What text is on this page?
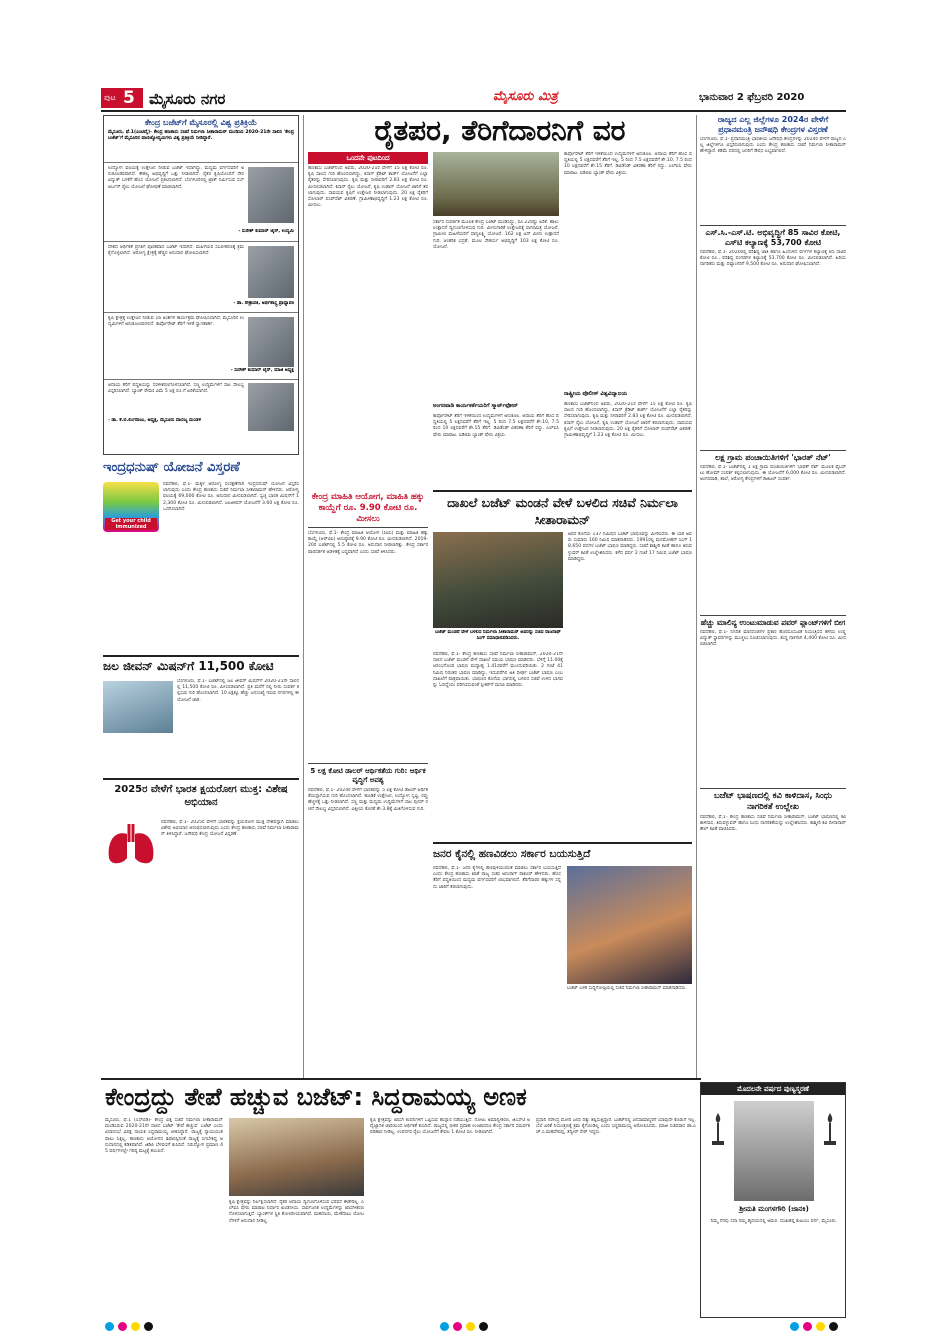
ಪುಟ 5 ಮೈಸೂರು ನಗರ	ಮೈಸೂರು ಮಿತ್ರ	ಭಾನುವಾರ 2 ಫೆಬ್ರವರಿ 2020
ಕೇಂದ್ರ ಬಜೆಟ್‌ಗೆ ಮೈಸೂರಲ್ಲಿ ವಿಶ್ವ ಪ್ರತಿಕ್ರಿಯೆ
ಮೈಸೂರು, ಫೆ.1(ಎಂಟಿವೈ)- ಕೇಂದ್ರ ಹಣಕಾಸು ಸಚಿವೆ ನಿರ್ಮಲಾ ಸೀತಾರಾಮನ್ ಮಂಡಿಸಿದ 2020-21ನೇ ಸಾಲಿನ 'ಕೇಂದ್ರ ಬಜೆಟ್'ಗೆ ಮೈಸೂರಿನ ವಾಣಿಜ್ಯೋದ್ಯಮಿಗಳು ವಿಶ್ವ ಪ್ರತಿಕ್ರಿಯೆ ನೀಡಿದ್ದಾರೆ.
ಉದ್ಯೋಗ ವಲಯಕ್ಕೆ ಉತ್ತೇಜನ ನೀಡುವ ಬಜೆಟ್ ಇದಾಗಿದ್ದು, ಮಧ್ಯಮ ವರ್ಗದವರಿಗೆ ಅನುಕೂಲಕರವಾಗಿದೆ. ಕೌಶಲ್ಯ ಅಭಿವೃದ್ಧಿಗೆ ಒತ್ತು ನೀಡಲಾಗಿದೆ. ರೈತರ ಕೃಷಿಯೊಂದಿಗೆ ಸೌರವಿದ್ಯುತ್ ಬಳಕೆಗೆ ಹೊಸ ಯೋಜನೆ ಪ್ರಕಟಿಸಲಾಗಿದೆ. ಬೆಂಗಳೂರಿನಲ್ಲಿ ಟ್ರಾಕ್ ನಿರ್ಮಿಸುವ ಸಬ್ ಅರ್ಬನ್ ರೈಲು ಯೋಜನೆ ಘೋಷಣೆ ಮಾಡಲಾಗಿದೆ.
- ಸುರೇಶ್ ಕುಮಾರ್ ಜೈನ್, ಉದ್ಯಮಿ
ದೇಶದ ಆರ್ಥಿಕತೆ ಪ್ರಗತಿಗೆ ಪೂರಕವಾದ ಬಜೆಟ್ ಇದಾಗಿದೆ. ಮಹಿಳೆಯರ ಸಬಲೀಕರಣಕ್ಕೆ ಕ್ರಮ ಕೈಗೊಳ್ಳಲಾಗಿದೆ. ಆರೋಗ್ಯ ಕ್ಷೇತ್ರಕ್ಕೆ ಹೆಚ್ಚಿನ ಅನುದಾನ ಘೋಷಿಸಲಾಗಿದೆ.
- ಡಾ. ನೇತ್ರಾವತಿ, ಅರ್ಥಶಾಸ್ತ್ರ ಪ್ರಾಧ್ಯಾಪಕಿ
ಕೃಷಿ ಕ್ಷೇತ್ರಕ್ಕೆ ಉತ್ತೇಜನ ನೀಡುವ 16 ಅಂಶಗಳ ಕಾರ್ಯಕ್ರಮ ಘೋಷಿಸಲಾಗಿದೆ. ಮೈಸೂರಿನ ಉದ್ಯಮಿಗಳಿಗೆ ಅನುಕೂಲವಾಗಲಿದೆ. ಕಾರ್ಪೊರೇಟ್ ತೆರಿಗೆ ಇಳಿಕೆ ಸ್ವಾಗತಾರ್ಹ.
- ಸುರೇಶ್ ಕುಮಾರ್ ಜೈನ್, ಮಾಜಿ ಅಧ್ಯಕ್ಷ
ಆದಾಯ ತೆರಿಗೆ ಪದ್ಧತಿಯನ್ನು ಸರಳೀಕರಣಗೊಳಿಸಲಾಗಿದೆ. ಸಣ್ಣ ಉದ್ದಿಮೆಗಳಿಗೆ ಸಾಲ ಸೌಲಭ್ಯ ವಿಸ್ತರಿಸಲಾಗಿದೆ. ಬ್ಯಾಂಕ್ ಠೇವಣಿ ವಿಮೆ 5 ಲಕ್ಷ ರೂ.ಗೆ ಏರಿಕೆಯಾಗಿದೆ.
- ಡಾ. ಕೆ.ಬಿ.ಲಿಂಗರಾಜು, ಅಧ್ಯಕ್ಷ, ಮೈಸೂರು ವಾಣಿಜ್ಯ ಮಂಡಳಿ
ಇಂದ್ರಧನುಷ್ ಯೋಜನೆ ವಿಸ್ತರಣೆ
Get your child immunized
ನವದೆಹಲಿ, ಫೆ.1- ಮಕ್ಕಳ ಆರೋಗ್ಯ ಸಂರಕ್ಷಣೆಗಾಗಿ ಇಂದ್ರಧನುಷ್ ಯೋಜನೆ ವಿಸ್ತರಿಸಲಾಗುವುದು ಎಂದು ಕೇಂದ್ರ ಹಣಕಾಸು ಸಚಿವೆ ನಿರ್ಮಲಾ ಸೀತಾರಾಮನ್ ಹೇಳಿದರು. ಆರೋಗ್ಯ ವಲಯಕ್ಕೆ 69,000 ಕೋಟಿ ರೂ. ಅನುದಾನ ಮೀಸಲಿಡಲಾಗಿದೆ. ಸ್ವಚ್ಛ ಭಾರತ ಮಿಷನ್‌ಗೆ 12,300 ಕೋಟಿ ರೂ. ಮೀಸಲಿಡಲಾಗಿದೆ. ಜಲಜೀವನ್ ಯೋಜನೆಗೆ 3.60 ಲಕ್ಷ ಕೋಟಿ ರೂ. ಒದಗಿಸಲಾಗಿದೆ.
ಜಲ ಜೀವನ್ ಮಿಷನ್‌ಗೆ 11,500 ಕೋಟಿ
ಬೆಂಗಳೂರು, ಫೆ.1- ಬಜೆಟ್‌ನಲ್ಲಿ ಜಲ ಜೀವನ್ ಮಿಷನ್‌ಗೆ 2020-21ನೇ ಸಾಲಿನಲ್ಲಿ 11,500 ಕೋಟಿ ರೂ. ಮೀಸಲಿಡಲಾಗಿದೆ. ಪ್ರತಿ ಮನೆಗೆ ನಲ್ಲಿ ನೀರು ಸಂಪರ್ಕ ಕಲ್ಪಿಸುವ ಗುರಿ ಹೊಂದಲಾಗಿದೆ. 10 ಲಕ್ಷಕ್ಕೂ ಹೆಚ್ಚು ಜನಸಂಖ್ಯೆ ಇರುವ ನಗರಗಳಲ್ಲಿ ಈ ಯೋಜನೆ ಜಾರಿ.
2025ರ ವೇಳೆಗೆ ಭಾರತ ಕ್ಷಯರೋಗ ಮುಕ್ತ: ವಿಶೇಷ ಅಭಿಯಾನ
ನವದೆಹಲಿ, ಫೆ.1- 2025ರ ವೇಳೆಗೆ ಭಾರತವನ್ನು ಕ್ಷಯರೋಗ ಮುಕ್ತ ದೇಶವನ್ನಾಗಿ ಮಾಡಲು ವಿಶೇಷ ಅಭಿಯಾನ ಆರಂಭಿಸಲಾಗುವುದು ಎಂದು ಕೇಂದ್ರ ಹಣಕಾಸು ಸಚಿವೆ ನಿರ್ಮಲಾ ಸೀತಾರಾಮನ್ ತಿಳಿಸಿದ್ದಾರೆ. ಜನೌಷಧಿ ಕೇಂದ್ರ ಯೋಜನೆ ವಿಸ್ತರಣೆ.
ರೈತಪರ, ತೆರಿಗೆದಾರನಿಗೆ ವರ
ಒಂದನೇ ಪುಟದಿಂದ
ಹಣಕಾಸು ಬಜೆಟ್‌ನಿಂದ ಅವರು, 2020-21ರ ವೇಳೆಗೆ 15 ಲಕ್ಷ ಕೋಟಿ ರೂ. ಕೃಷಿ ಸಾಲದ ಗುರಿ ಹೊಂದಲಾಗಿದ್ದು, ಕಿಸಾನ್ ಕ್ರೆಡಿಟ್ ಕಾರ್ಡ್ ಯೋಜನೆಗೆ ಎಲ್ಲಾ ರೈತರನ್ನು ಸೇರಿಸಲಾಗುವುದು. ಕೃಷಿ ಮತ್ತು ನೀರಾವರಿಗೆ 2.83 ಲಕ್ಷ ಕೋಟಿ ರೂ. ಮೀಸಲಿಡಲಾಗಿದೆ. ಕಿಸಾನ್ ರೈಲು ಯೋಜನೆ, ಕೃಷಿ ಉಡಾನ್ ಯೋಜನೆ ಜಾರಿಗೆ ತರಲಾಗುವುದು. ಸಾವಯವ ಕೃಷಿಗೆ ಉತ್ತೇಜನ ನೀಡಲಾಗುವುದು. 20 ಲಕ್ಷ ರೈತರಿಗೆ ಸೋಲಾರ್ ಪಂಪ್‌ಸೆಟ್ ವಿತರಣೆ. ಗ್ರಾಮೀಣಾಭಿವೃದ್ಧಿಗೆ 1.23 ಲಕ್ಷ ಕೋಟಿ ರೂ. ಮೀಸಲು.
ಸರ್ಕಾರ ಸಂಪರ್ಕಿತ ಮೂಲಕ ಕೇಂದ್ರ ಬಜೆಟ್ ಮಂಡಿಸಿದ್ದು, ರೂ.22ರಷ್ಟು ಏರಿಕೆ. ಹಾಲು ಉತ್ಪಾದನೆ ದ್ವಿಗುಣಗೊಳಿಸುವ ಗುರಿ. ಮೀನುಗಾರಿಕೆ ಉತ್ತೇಜನಕ್ಕೆ ಸಾಗರಮಿತ್ರ ಯೋಜನೆ. ಗ್ರಾಮೀಣ ಮಹಿಳೆಯರಿಗೆ ಧಾನ್ಯಲಕ್ಷ್ಮಿ ಯೋಜನೆ. 162 ಲಕ್ಷ ಟನ್ ಮೀನು ಉತ್ಪಾದನೆ ಗುರಿ. ಆಂತರಿಕ ಭದ್ರತೆ, ಮೂಲ ಸೌಕರ್ಯ ಅಭಿವೃದ್ಧಿಗೆ 103 ಲಕ್ಷ ಕೋಟಿ ರೂ. ಯೋಜನೆ.
ಅಂಗನವಾಡಿ ಕಾರ್ಯಕರ್ತೆಯರಿಗೆ ಸ್ಮಾರ್ಟ್‌ಫೋನ್
ಕಾರ್ಪೊರೇಟ್ ತೆರಿಗೆ ಇಳಿಕೆಯಿಂದ ಉದ್ಯಮಗಳಿಗೆ ಅನುಕೂಲ. ಆದಾಯ ತೆರಿಗೆ ಹೊಸ ಪದ್ಧತಿಯಲ್ಲಿ 5 ಲಕ್ಷದವರೆಗೆ ತೆರಿಗೆ ಇಲ್ಲ. 5 ರಿಂದ 7.5 ಲಕ್ಷದವರೆಗೆ ಶೇ.10, 7.5 ರಿಂದ 10 ಲಕ್ಷದವರೆಗೆ ಶೇ.15 ತೆರಿಗೆ. ಡಿವಿಡೆಂಡ್ ವಿತರಣಾ ತೆರಿಗೆ ರದ್ದು. ಎಲ್‌ಐಸಿ ಷೇರು ಮಾರಾಟ. ಐಡಿಬಿಐ ಬ್ಯಾಂಕ್ ಷೇರು ವಿಕ್ರಯ.
ಕಾರ್ಪೊರೇಟ್ ತೆರಿಗೆ ಇಳಿಕೆಯಿಂದ ಉದ್ಯಮಗಳಿಗೆ ಅನುಕೂಲ. ಆದಾಯ ತೆರಿಗೆ ಹೊಸ ಪದ್ಧತಿಯಲ್ಲಿ 5 ಲಕ್ಷದವರೆಗೆ ತೆರಿಗೆ ಇಲ್ಲ. 5 ರಿಂದ 7.5 ಲಕ್ಷದವರೆಗೆ ಶೇ.10, 7.5 ರಿಂದ 10 ಲಕ್ಷದವರೆಗೆ ಶೇ.15 ತೆರಿಗೆ. ಡಿವಿಡೆಂಡ್ ವಿತರಣಾ ತೆರಿಗೆ ರದ್ದು. ಎಲ್‌ಐಸಿ ಷೇರು ಮಾರಾಟ. ಐಡಿಬಿಐ ಬ್ಯಾಂಕ್ ಷೇರು ವಿಕ್ರಯ.
ರಾಷ್ಟ್ರೀಯ ಪೊಲೀಸ್ ವಿಶ್ವವಿದ್ಯಾಲಯ
ಹಣಕಾಸು ಬಜೆಟ್‌ನಿಂದ ಅವರು, 2020-21ರ ವೇಳೆಗೆ 15 ಲಕ್ಷ ಕೋಟಿ ರೂ. ಕೃಷಿ ಸಾಲದ ಗುರಿ ಹೊಂದಲಾಗಿದ್ದು, ಕಿಸಾನ್ ಕ್ರೆಡಿಟ್ ಕಾರ್ಡ್ ಯೋಜನೆಗೆ ಎಲ್ಲಾ ರೈತರನ್ನು ಸೇರಿಸಲಾಗುವುದು. ಕೃಷಿ ಮತ್ತು ನೀರಾವರಿಗೆ 2.83 ಲಕ್ಷ ಕೋಟಿ ರೂ. ಮೀಸಲಿಡಲಾಗಿದೆ. ಕಿಸಾನ್ ರೈಲು ಯೋಜನೆ, ಕೃಷಿ ಉಡಾನ್ ಯೋಜನೆ ಜಾರಿಗೆ ತರಲಾಗುವುದು. ಸಾವಯವ ಕೃಷಿಗೆ ಉತ್ತೇಜನ ನೀಡಲಾಗುವುದು. 20 ಲಕ್ಷ ರೈತರಿಗೆ ಸೋಲಾರ್ ಪಂಪ್‌ಸೆಟ್ ವಿತರಣೆ. ಗ್ರಾಮೀಣಾಭಿವೃದ್ಧಿಗೆ 1.23 ಲಕ್ಷ ಕೋಟಿ ರೂ. ಮೀಸಲು.
ಕೇಂದ್ರ ಮಾಹಿತಿ ಆಯೋಗ, ಮಾಹಿತಿ ಹಕ್ಕು ಕಾಯ್ದೆಗೆ ರೂ. 9.90 ಕೋಟಿ ರೂ. ಮೀಸಲು
ಬೆಂಗಳೂರು, ಫೆ.1- ಕೇಂದ್ರ ಮಾಹಿತಿ ಆಯೋಗ (ಸಿಐಸಿ) ಮತ್ತು ಮಾಹಿತಿ ಹಕ್ಕು ಕಾಯ್ದೆ (ಆರ್‌ಟಿಐ) ಅನುಷ್ಠಾನಕ್ಕೆ 9.90 ಕೋಟಿ ರೂ. ಮೀಸಲಿಡಲಾಗಿದೆ. 2019-20ರ ಬಜೆಟ್‌ನಲ್ಲಿ 5.5 ಕೋಟಿ ರೂ. ಅನುದಾನ ನೀಡಲಾಗಿತ್ತು. ಕೇಂದ್ರ ಸರ್ಕಾರ ಪಾರದರ್ಶಕ ಆಡಳಿತಕ್ಕೆ ಬದ್ಧವಾಗಿದೆ ಎಂದು ಸಚಿವೆ ತಿಳಿಸಿದರು.
5 ಲಕ್ಷ ಕೋಟಿ ಡಾಲರ್ ಆರ್ಥಿಕತೆಯ ಗುರಿ: ಆರ್ಥಿಕ ವೃದ್ಧಿಗೆ ಅವಶ್ಯ
ನವದೆಹಲಿ, ಫೆ.1- 2024ರ ವೇಳೆಗೆ ಭಾರತವನ್ನು 5 ಲಕ್ಷ ಕೋಟಿ ಡಾಲರ್ ಆರ್ಥಿಕತೆಯನ್ನಾಗಿಸುವ ಗುರಿ ಹೊಂದಲಾಗಿದೆ. ಹೂಡಿಕೆ ಉತ್ತೇಜನ, ಉದ್ಯೋಗ ಸೃಷ್ಟಿ, ರಫ್ತು ಹೆಚ್ಚಳಕ್ಕೆ ಒತ್ತು ನೀಡಲಾಗಿದೆ. ಸಣ್ಣ ಮತ್ತು ಮಧ್ಯಮ ಉದ್ದಿಮೆಗಳಿಗೆ ಸಾಲ ಪುನರ್ ರಚನೆ ಸೌಲಭ್ಯ ವಿಸ್ತರಿಸಲಾಗಿದೆ. ವಿತ್ತೀಯ ಕೊರತೆ ಶೇ.3.8ಕ್ಕೆ ಮಿತಿಗೊಳಿಸುವ ಗುರಿ.
ದಾಖಲೆ ಬಜೆಟ್ ಮಂಡನೆ ವೇಳೆ ಬಳಲಿದ ಸಚಿವೆ ನಿರ್ಮಲಾ ಸೀತಾರಾಮನ್
ಬಜೆಟ್ ಮಂಡನೆ ವೇಳೆ ಬಳಲಿದ ನಿರ್ಮಲಾ ಸೀತಾರಾಮನ್ ಅವರನ್ನು ಸಚಿವ ರಾಜನಾಥ್ ಸಿಂಗ್ ಸಮಾಧಾನಪಡಿಸಿದರು.
ನವದೆಹಲಿ, ಫೆ.1- ಕೇಂದ್ರ ಹಣಕಾಸು ಸಚಿವೆ ನಿರ್ಮಲಾ ಸೀತಾರಾಮನ್, 2020-21ನೇ ಸಾಲಿನ ಬಜೆಟ್ ಮಂಡನೆ ವೇಳೆ ದಾಖಲೆ ಸಮಯ ಭಾಷಣ ಮಾಡಿದರು. ಬೆಳಿಗ್ಗೆ 11.00ಕ್ಕೆ ಆರಂಭಗೊಂಡ ಭಾಷಣ ಮಧ್ಯಾಹ್ನ 1.41ರವರೆಗೆ ಮುಂದುವರಿಯಿತು. 2 ಗಂಟೆ 41 ನಿಮಿಷ ನಿರಂತರ ಭಾಷಣ ಮಾಡಿದ್ದು, ಇದುವರೆಗಿನ ಅತಿ ದೀರ್ಘ ಬಜೆಟ್ ಭಾಷಣ ಎಂಬ ದಾಖಲೆಗೆ ಪಾತ್ರವಾಯಿತು. ಭಾಷಣದ ಕೊನೆಯ ಭಾಗದಲ್ಲಿ ಬಳಲಿದ ಸಚಿವೆ ಉಳಿದ ಭಾಗವನ್ನು ಓದಿದ್ದೆಂದು ಪರಿಗಣಿಸುವಂತೆ ಸ್ಪೀಕರ್‌ಗೆ ಮನವಿ ಮಾಡಿದರು.
ಅವರ ಕೊನೆಯ 137 ನಿಮಿಷದ ಬಜೆಟ್ ಭಾಷಣವನ್ನು ಮೀರಿಸಿದರು. ಈ ಬಾರಿ ಅವರು ಸುಮಾರು 160 ನಿಮಿಷ ಮಾತನಾಡಿದರು. 1991ರಲ್ಲಿ ಮನಮೋಹನ್ ಸಿಂಗ್ 18,650 ಪದಗಳ ಬಜೆಟ್ ಭಾಷಣ ಮಾಡಿದ್ದರು. ಸಚಿವೆ ಕಾಶ್ಮೀರಿ ಕವಿತೆ ಹಾಗೂ ತಿರುವಳ್ಳುವರ್ ಕವಿತೆ ಉಲ್ಲೇಖಿಸಿದರು. ಕಳೆದ ವರ್ಷ 2 ಗಂಟೆ 17 ನಿಮಿಷ ಬಜೆಟ್ ಭಾಷಣ ಮಾಡಿದ್ದರು.
ಜನರ ಕೈನಲ್ಲಿ ಹಣವಿಡಲು ಸರ್ಕಾರ ಬಯಸುತ್ತಿದೆ
ನವದೆಹಲಿ, ಫೆ.1- ಜನರ ಕೈಗಳಲ್ಲಿ ಹಣವುಳಿಯುವಂತೆ ಮಾಡಲು ಸರ್ಕಾರ ಬಯಸುತ್ತಿದೆ ಎಂದು ಕೇಂದ್ರ ಹಣಕಾಸು ಖಾತೆ ರಾಜ್ಯ ಸಚಿವ ಅನುರಾಗ್ ಠಾಕೂರ್ ಹೇಳಿದರು. ಹೊಸ ತೆರಿಗೆ ಪದ್ಧತಿಯಿಂದ ಮಧ್ಯಮ ವರ್ಗದವರಿಗೆ ಲಾಭವಾಗಲಿದೆ. ತೆರಿಗೆದಾರರ ಹಕ್ಕುಗಳ ಸನ್ನದು ಜಾರಿಗೆ ತರಲಾಗುವುದು.
ಬಜೆಟ್ ಬಳಿಕ ಸುದ್ದಿಗೋಷ್ಠಿಯಲ್ಲಿ ಸಚಿವೆ ನಿರ್ಮಲಾ ಸೀತಾರಾಮನ್ ಮಾತನಾಡಿದರು.
ರಾಜ್ಯದ ಎಲ್ಲ ಜಿಲ್ಲೆಗಳೂ 2024ರ ವೇಳೆಗೆ ಪ್ರಧಾನಮಂತ್ರಿ ಜನೌಷಧಿ ಕೇಂದ್ರಗಳ ವಿಸ್ತರಣೆ
ಬೆಂಗಳೂರು, ಫೆ.1- ಪ್ರಧಾನಮಂತ್ರಿ ಭಾರತೀಯ ಜನೌಷಧಿ ಕೇಂದ್ರಗಳನ್ನು 2024ರ ವೇಳೆಗೆ ರಾಜ್ಯದ ಎಲ್ಲ ಜಿಲ್ಲೆಗಳಿಗೂ ವಿಸ್ತರಿಸಲಾಗುವುದು ಎಂದು ಕೇಂದ್ರ ಹಣಕಾಸು ಸಚಿವೆ ನಿರ್ಮಲಾ ಸೀತಾರಾಮನ್ ಹೇಳಿದ್ದಾರೆ. ಕಡಿಮೆ ದರದಲ್ಲಿ ಜನರಿಗೆ ಔಷಧ ಲಭ್ಯವಾಗಲಿದೆ.
ಎಸ್.ಸಿ.-ಎಸ್.ಟಿ. ಅಭಿವೃದ್ಧಿಗೆ 85 ಸಾವಿರ ಕೋಟಿ, ಎಸ್‌ಟಿ ಕಲ್ಯಾಣಕ್ಕೆ 53,700 ಕೋಟಿ
ನವದೆಹಲಿ, ಫೆ.1- 2020ರಲ್ಲಿ ಪರಿಶಿಷ್ಟ ಜಾತಿ ಹಾಗೂ ಹಿಂದುಳಿದ ವರ್ಗಗಳ ಕಲ್ಯಾಣಕ್ಕೆ 85 ಸಾವಿರ ಕೋಟಿ ರೂ., ಪರಿಶಿಷ್ಟ ಪಂಗಡಗಳ ಕಲ್ಯಾಣಕ್ಕೆ 53,700 ಕೋಟಿ ರೂ. ಮೀಸಲಿಡಲಾಗಿದೆ. ಹಿರಿಯ ನಾಗರಿಕರು ಮತ್ತು ದಿವ್ಯಾಂಗರಿಗೆ 9,500 ಕೋಟಿ ರೂ. ಅನುದಾನ ಘೋಷಿಸಲಾಗಿದೆ.
ಲಕ್ಷ ಗ್ರಾಮ ಪಂಚಾಯಿತಿಗಳಿಗೆ 'ಭಾರತ್ ನೆಟ್'
ನವದೆಹಲಿ, ಫೆ.1- ಬಜೆಟ್‌ನಲ್ಲಿ 1 ಲಕ್ಷ ಗ್ರಾಮ ಪಂಚಾಯಿತಿಗಳಿಗೆ 'ಭಾರತ್ ನೆಟ್' ಮೂಲಕ ಫೈಬರ್ ಟು ಹೋಮ್ ಸಂಪರ್ಕ ಕಲ್ಪಿಸಲಾಗುವುದು. ಈ ಯೋಜನೆಗೆ 6,000 ಕೋಟಿ ರೂ. ಮೀಸಲಿಡಲಾಗಿದೆ. ಅಂಗನವಾಡಿ, ಶಾಲೆ, ಆರೋಗ್ಯ ಕೇಂದ್ರಗಳಿಗೆ ಡಿಜಿಟಲ್ ಸಂಪರ್ಕ.
ಹೆಚ್ಚು ಮಾಲಿನ್ಯ ಉಂಟುಮಾಡುವ ಪವರ್ ಪ್ಲಾಂಟ್‌ಗಳಿಗೆ ಬೀಗ
ನವದೆಹಲಿ, ಫೆ.1- ನಿಗದಿತ ಮಾನದಂಡಗಳ ಪ್ರಕಾರ ಹೊರಸೂಸುವಿಕೆ ನಿಯಂತ್ರಿಸದ ಹಳೆಯ ಉಷ್ಣ ವಿದ್ಯುತ್ ಸ್ಥಾವರಗಳನ್ನು ಮುಚ್ಚಲು ಸೂಚಿಸಲಾಗುವುದು. ಶುದ್ಧ ಗಾಳಿಗಾಗಿ 4,400 ಕೋಟಿ ರೂ. ಮೀಸಲಿಡಲಾಗಿದೆ.
ಬಜೆಟ್ ಭಾಷಣದಲ್ಲಿ ಕವಿ ಕಾಳಿದಾಸ, ಸಿಂಧು ನಾಗರಿಕತೆ ಉಲ್ಲೇಖ
ನವದೆಹಲಿ, ಫೆ.1- ಕೇಂದ್ರ ಹಣಕಾಸು ಸಚಿವೆ ನಿರ್ಮಲಾ ಸೀತಾರಾಮನ್, ಬಜೆಟ್ ಭಾಷಣದಲ್ಲಿ ಕವಿ ಕಾಳಿದಾಸ, ತಿರುವಳ್ಳುವರ್ ಹಾಗೂ ಸಿಂಧು ನಾಗರಿಕತೆಯನ್ನು ಉಲ್ಲೇಖಿಸಿದರು. ಕಾಶ್ಮೀರಿ ಕವಿ ದೀನಾನಾಥ್ ಕೌಲ್ ಕವಿತೆ ವಾಚಿಸಿದರು.
ಕೇಂದ್ರದ್ದು ತೇಪೆ ಹಚ್ಚುವ ಬಜೆಟ್: ಸಿದ್ದರಾಮಯ್ಯ ಅಣಕ
ಮೈಸೂರು, ಫೆ.1 (ಎಸ್‌ಬಿಡಿ)- ಕೇಂದ್ರ ವಿತ್ತ ಸಚಿವೆ ನಿರ್ಮಲಾ ಸೀತಾರಾಮನ್ ಮಂಡಿಸಿರುವ 2020-21ನೇ ಸಾಲಿನ ಬಜೆಟ್ 'ತೇಪೆ ಹಚ್ಚುವ' ಬಜೆಟ್ ಎಂದು ವಿಧಾನಸಭೆ ವಿಪಕ್ಷ ನಾಯಕ ಸಿದ್ದರಾಮಯ್ಯ ಟೀಕಿಸಿದ್ದಾರೆ. ರಾಜ್ಯಕ್ಕೆ ನ್ಯಾಯಯುತ ಪಾಲು ಸಿಕ್ಕಿಲ್ಲ. ಹಣಕಾಸು ಆಯೋಗದ ಶಿಫಾರಸ್ಸಿನಂತೆ ರಾಜ್ಯಕ್ಕೆ ಸಿಗಬೇಕಿದ್ದ ಅನುದಾನದಲ್ಲಿ ಕಡಿತವಾಗಿದೆ. ಜಿಡಿಪಿ ಬೆಳವಣಿಗೆ ಕುಸಿದಿದೆ. ನಿರುದ್ಯೋಗ ಪ್ರಮಾಣ 45 ವರ್ಷಗಳಲ್ಲೇ ಗರಿಷ್ಠ ಮಟ್ಟಕ್ಕೆ ತಲುಪಿದೆ.
ಕೃಷಿ ಕ್ಷೇತ್ರವನ್ನು ನಿರ್ಲಕ್ಷಿಸಲಾಗಿದೆ. ರೈತರ ಆದಾಯ ದ್ವಿಗುಣಗೊಳಿಸುವ ಭರವಸೆ ಈಡೇರಿಲ್ಲ. ಎಲ್‌ಐಸಿ ಷೇರು ಮಾರಾಟ ನಿರ್ಧಾರ ಖಂಡನೀಯ. ಸಾರ್ವಜನಿಕ ಉದ್ದಿಮೆಗಳನ್ನು ಖಾಸಗೀಕರಣಗೊಳಿಸಲಾಗುತ್ತಿದೆ. ಬ್ಯಾಂಕ್‌ಗಳ ಸ್ಥಿತಿ ಶೋಚನೀಯವಾಗಿದೆ. ಮಹದಾಯಿ, ಮೇಕೆದಾಟು ಯೋಜನೆಗಳಿಗೆ ಅನುದಾನ ನೀಡಿಲ್ಲ.
ಕೃಷಿ ಕ್ಷೇತ್ರವನ್ನು ಖಾಸಗಿ ಕಂಪನಿಗಳಿಗೆ ಒಪ್ಪಿಸುವ ಹುನ್ನಾರ ನಡೆಯುತ್ತಿದೆ. ನೋಟು ಅಮಾನ್ಯೀಕರಣ, ಜಿಎಸ್‌ಟಿ ಅವೈಜ್ಞಾನಿಕ ಜಾರಿಯಿಂದ ಆರ್ಥಿಕತೆ ಕುಸಿದಿದೆ. ರಾಜ್ಯದಲ್ಲಿ ಭೀಕರ ಪ್ರವಾಹ ಉಂಟಾದರೂ ಕೇಂದ್ರ ಸರ್ಕಾರ ಸಮರ್ಪಕ ಪರಿಹಾರ ನೀಡಿಲ್ಲ. ಉಪನಗರ ರೈಲು ಯೋಜನೆಗೆ ಕೇವಲ 1 ಕೋಟಿ ರೂ. ನೀಡಲಾಗಿದೆ.
ಪ್ರಧಾನಿ ನರೇಂದ್ರ ಮೋದಿ ಜನರ ದಿಕ್ಕು ತಪ್ಪಿಸುತ್ತಿದ್ದಾರೆ. ಬಜೆಟ್‌ನಲ್ಲಿ ಜನಸಾಮಾನ್ಯರಿಗೆ ಯಾವುದೇ ಕೊಡುಗೆ ಇಲ್ಲ. ಬೆಲೆ ಏರಿಕೆ ನಿಯಂತ್ರಣಕ್ಕೆ ಕ್ರಮ ಕೈಗೊಂಡಿಲ್ಲ ಎಂದು ಸಿದ್ದರಾಮಯ್ಯ ಆರೋಪಿಸಿದರು. ಮಾಜಿ ಸಚಿವರಾದ ಡಾ.ಎಚ್.ಸಿ.ಮಹದೇವಪ್ಪ, ತನ್ವೀರ್ ಸೇಠ್ ಇದ್ದರು.
ಮೊದಲನೇ ವರ್ಷದ ಪುಣ್ಯಸ್ಮರಣೆ
ಶ್ರೀಮತಿ ಮಂಗಳಗೌರಿ (ಜಾನಕಿ)
ನಿಮ್ಮ ನೆನಪು ಸದಾ ನಮ್ಮ ಹೃದಯದಲ್ಲಿ ಅಮರ. ದುಃಖತಪ್ತ ಕುಟುಂಬ ವರ್ಗ, ಮೈಸೂರು.
